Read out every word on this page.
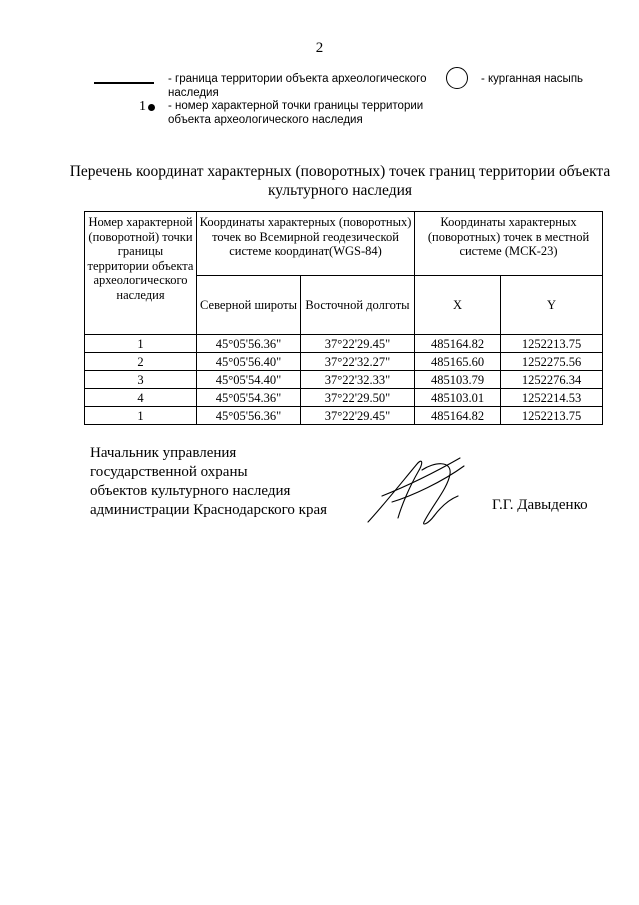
2
- граница территории объекта археологического наследия
- курганная насыпь
1 - номер характерной точки границы территории объекта археологического наследия
Перечень координат характерных (поворотных) точек границ территории объекта культурного наследия
Номер характерной (поворотной) точки границы территории объекта археологического наследия	Координаты характерных (поворотных) точек во Всемирной геодезической системе координат(WGS-84)		Координаты характерных (поворотных) точек в местной системе (МСК-23)	
	Северной широты	Восточной долготы	X	Y
1	45°05'56.36"	37°22'29.45"	485164.82	1252213.75
2	45°05'56.40"	37°22'32.27"	485165.60	1252275.56
3	45°05'54.40"	37°22'32.33"	485103.79	1252276.34
4	45°05'54.36"	37°22'29.50"	485103.01	1252214.53
1	45°05'56.36"	37°22'29.45"	485164.82	1252213.75
Начальник управления
государственной охраны
объектов культурного наследия
администрации Краснодарского края	Г.Г. Давыденко
